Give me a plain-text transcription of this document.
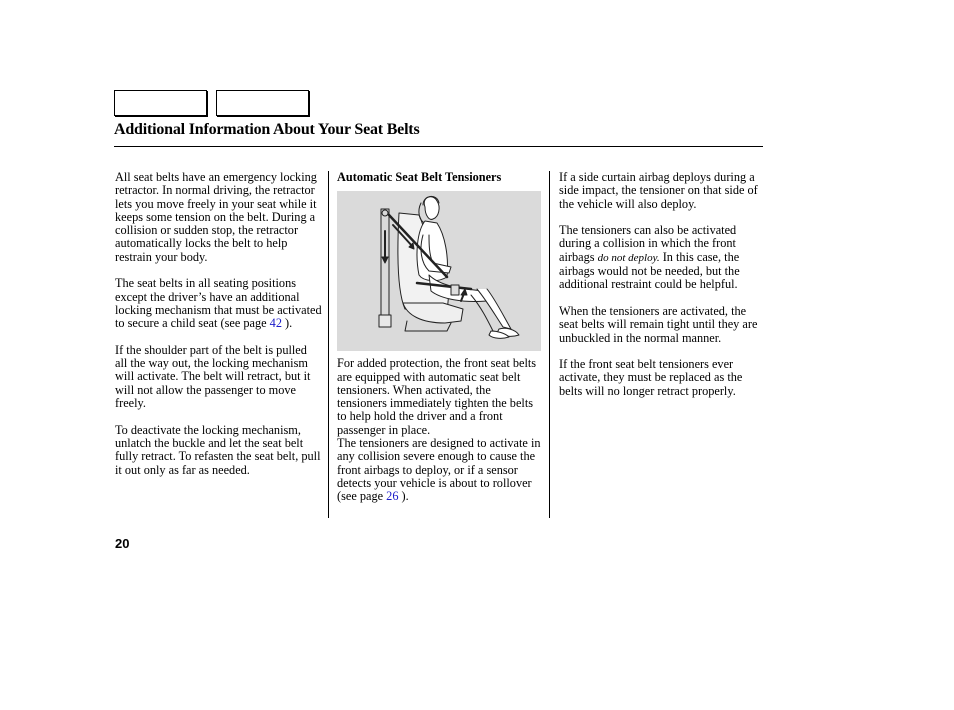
Additional Information About Your Seat Belts

All seat belts have an emergency locking retractor. In normal driving, the retractor lets you move freely in your seat while it keeps some tension on the belt. During a collision or sudden stop, the retractor automatically locks the belt to help restrain your body.

The seat belts in all seating positions except the driver’s have an additional locking mechanism that must be activated to secure a child seat (see page 42 ).

If the shoulder part of the belt is pulled all the way out, the locking mechanism will activate. The belt will retract, but it will not allow the passenger to move freely.

To deactivate the locking mechanism, unlatch the buckle and let the seat belt fully retract. To refasten the seat belt, pull it out only as far as needed.

Automatic Seat Belt Tensioners

For added protection, the front seat belts are equipped with automatic seat belt tensioners. When activated, the tensioners immediately tighten the belts to help hold the driver and a front passenger in place.

The tensioners are designed to activate in any collision severe enough to cause the front airbags to deploy, or if a sensor detects your vehicle is about to rollover (see page 26 ).

If a side curtain airbag deploys during a side impact, the tensioner on that side of the vehicle will also deploy.

The tensioners can also be activated during a collision in which the front airbags do not deploy. In this case, the airbags would not be needed, but the additional restraint could be helpful.

When the tensioners are activated, the seat belts will remain tight until they are unbuckled in the normal manner.

If the front seat belt tensioners ever activate, they must be replaced as the belts will no longer retract properly.

20
